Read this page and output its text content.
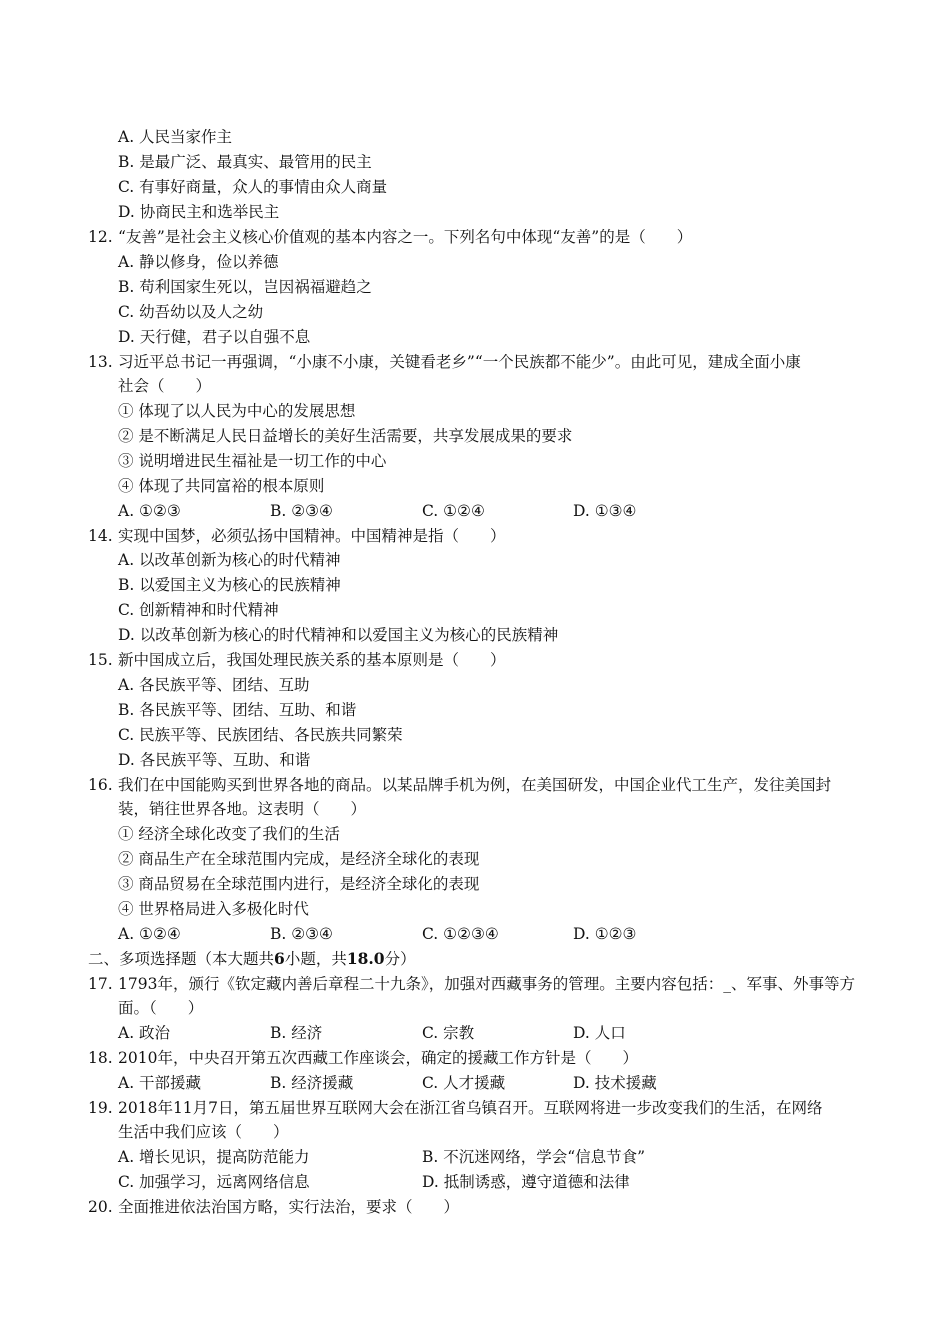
A. 人民当家作主
B. 是最广泛、最真实、最管用的民主
C. 有事好商量，众人的事情由众人商量
D. 协商民主和选举民主
12. “友善”是社会主义核心价值观的基本内容之一。下列名句中体现“友善”的是（　　）
A. 静以修身，俭以养德
B. 苟利国家生死以，岂因祸福避趋之
C. 幼吾幼以及人之幼
D. 天行健，君子以自强不息
13. 习近平总书记一再强调，“小康不小康，关键看老乡”“一个民族都不能少”。由此可见，建成全面小康
社会（　　）
① 体现了以人民为中心的发展思想
② 是不断满足人民日益增长的美好生活需要，共享发展成果的要求
③ 说明增进民生福祉是一切工作的中心
④ 体现了共同富裕的根本原则
A. ①②③	B. ②③④	C. ①②④	D. ①③④
14. 实现中国梦，必须弘扬中国精神。中国精神是指（　　）
A. 以改革创新为核心的时代精神
B. 以爱国主义为核心的民族精神
C. 创新精神和时代精神
D. 以改革创新为核心的时代精神和以爱国主义为核心的民族精神
15. 新中国成立后，我国处理民族关系的基本原则是（　　）
A. 各民族平等、团结、互助
B. 各民族平等、团结、互助、和谐
C. 民族平等、民族团结、各民族共同繁荣
D. 各民族平等、互助、和谐
16. 我们在中国能购买到世界各地的商品。以某品牌手机为例，在美国研发，中国企业代工生产，发往美国封
装，销往世界各地。这表明（　　）
① 经济全球化改变了我们的生活
② 商品生产在全球范围内完成，是经济全球化的表现
③ 商品贸易在全球范围内进行，是经济全球化的表现
④ 世界格局进入多极化时代
A. ①②④	B. ②③④	C. ①②③④	D. ①②③
二、多项选择题（本大题共6小题，共18.0分）
17. 1793年，颁行《钦定藏内善后章程二十九条》，加强对西藏事务的管理。主要内容包括：_、军事、外事等方
面。（　　）
A. 政治	B. 经济	C. 宗教	D. 人口
18. 2010年，中央召开第五次西藏工作座谈会，确定的援藏工作方针是（　　）
A. 干部援藏	B. 经济援藏	C. 人才援藏	D. 技术援藏
19. 2018年11月7日，第五届世界互联网大会在浙江省乌镇召开。互联网将进一步改变我们的生活，在网络
生活中我们应该（　　）
A. 增长见识，提高防范能力	B. 不沉迷网络，学会“信息节食”
C. 加强学习，远离网络信息	D. 抵制诱惑，遵守道德和法律
20. 全面推进依法治国方略，实行法治，要求（　　）
